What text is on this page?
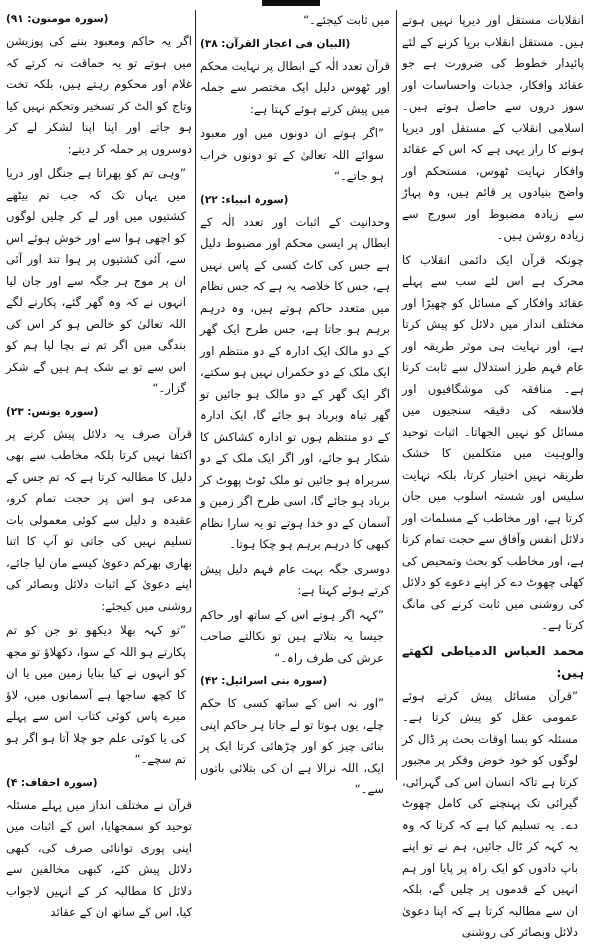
انقلابات مستقل اور دیرپا نہیں ہوتے ہیں۔ مستقل انقلاب برپا کرنے کے لئے پائیدار خطوط کی ضرورت ہے جو عقائد وافکار، جذبات واحساسات اور سوز دروں سے حاصل ہوتے ہیں۔ اسلامی انقلاب کے مستقل اور دیرپا ہونے کا راز یہی ہے کہ اس کے عقائد وافکار نہایت ٹھوس، مستحکم اور واضح بنیادوں پر قائم ہیں، وہ پہاڑ سے زیادہ مضبوط اور سورج سے زیادہ روشن ہیں۔

چونکہ قرآن ایک دائمی انقلاب کا محرک ہے اس لئے سب سے پہلے عقائد وافکار کے مسائل کو چھیڑا اور مختلف انداز میں دلائل کو پیش کرتا ہے، اور نہایت ہی موثر طریقہ اور عام فہم طرز استدلال سے ثابت کرتا ہے۔ منافقہ کی موشگافیوں اور فلاسفہ کی دقیقہ سنجیوں میں مسائل کو نہیں الجھاتا۔ اثبات توحید والوہیت میں متکلمین کا خشک طریقہ نہیں اختیار کرتا، بلکہ نہایت سلیس اور شستہ اسلوب میں جان کرتا ہے، اور مخاطب کے مسلمات اور دلائل انفس وآفاق سے حجت تمام کرتا ہے، اور مخاطب کو بحث وتمحیص کی کھلی چھوٹ دے کر اپنے دعوے کو دلائل کی روشنی میں ثابت کرنے کی مانگ کرتا ہے۔

محمد العباس الدمیاطی لکھتے ہیں:

”قرآن مسائل پیش کرتے ہوئے عمومی عقل کو پیش کرتا ہے۔ مسئلہ کو بسا اوقات بحث پر ڈال کر لوگوں کو خود خوض وفکر پر مجبور کرتا ہے تاکہ انسان اس کی گہرائی، گیرائی تک پہنچنے کی کامل چھوٹ دے۔ یہ تسلیم کیا ہے کہ کرتا کہ وہ یہ کہہ کر ٹال جائیں، ہم نے تو اپنے باپ دادوں کو ایک راہ پر پایا اور ہم انہیں کے قدموں پر چلیں گے، بلکہ ان سے مطالبہ کرتا ہے کہ اپنا دعویٰ دلائل وبصائر کی روشنی

میں ثابت کیجئے۔“

(البیان فی اعجاز القرآن: ۳۸)

قرآن تعدد الٰہ کے ابطال پر نہایت محکم اور ٹھوس دلیل ایک مختصر سے جملہ میں پیش کرتے ہوئے کہتا ہے:

”اگر ہوتے ان دونوں میں اور معبود سوائے اللہ تعالیٰ کے تو دونوں خراب ہو جاتے۔“

(سورہ انبیاء: ۲۲)

وحدانیت کے اثبات اور تعدد الٰہ کے ابطال پر ایسی محکم اور مضبوط دلیل ہے جس کی کاٹ کسی کے پاس نہیں ہے، جس کا خلاصہ یہ ہے کہ جس نظام میں متعدد حاکم ہوتے ہیں، وہ درہم برہم ہو جاتا ہے، جس طرح ایک گھر کے دو مالک ایک ادارہ کے دو منتظم اور ایک ملک کے دو حکمراں نہیں ہو سکتے، اگر ایک گھر کے دو مالک ہو جائیں تو گھر تباہ وبرباد ہو جائے گا، ایک ادارہ کے دو منتظم ہوں تو ادارہ کشاکش کا شکار ہو جائے، اور اگر ایک ملک کے دو سربراہ ہو جائیں تو ملک ٹوٹ پھوٹ کر برباد ہو جائے گا، اسی طرح اگر زمین و آسمان کے دو خدا ہوتے تو یہ سارا نظام کبھی کا درہم برہم ہو چکا ہوتا۔

دوسری جگہ بہت عام فہم دلیل پیش کرتے ہوئے کہتا ہے:

”کہہ اگر ہوتے اس کے ساتھ اور حاکم جیسا یہ بتلاتے ہیں تو نکالتے صاحب عرش کی طرف راہ۔“

(سورہ بنی اسرائیل: ۴۲)

”اور نہ اس کے ساتھ کسی کا حکم چلے، یوں ہوتا تو لے جاتا ہر حاکم اپنی بنائی چیز کو اور چڑھائی کرتا ایک پر ایک، اللہ نرالا ہے ان کی بتلائی باتوں سے۔“

(سورہ مومنون: ۹۱)

اگر یہ حاکم ومعبود بننے کی پوزیشن میں ہوتے تو یہ حماقت نہ کرتے کہ غلام اور محکوم رہتے ہیں، بلکہ تخت وتاج کو الٹ کر تسخیر وتحکم نہیں کیا ہو جاتے اور اپنا اپنا لشکر لے کر دوسروں پر حملہ کر دیتے:

”وہی تم کو پھراتا ہے جنگل اور دریا میں یہاں تک کہ جب تم بیٹھے کشتیوں میں اور لے کر چلیں لوگوں کو اچھی ہوا سے اور خوش ہوئے اس سے، آئی کشتیوں پر ہوا تند اور آئی ان پر موج ہر جگہ سے اور جان لیا انہوں نے کہ وہ گھر گئے، پکارنے لگے اللہ تعالیٰ کو خالص ہو کر اس کی بندگی میں اگر تم نے بچا لیا ہم کو اس سے تو بے شک ہم ہیں گے شکر گزار۔“

(سورہ یونس: ۲۳)

قرآن صرف یہ دلائل پیش کرنے پر اکتفا نہیں کرتا بلکہ مخاطب سے بھی دلیل کا مطالبہ کرتا ہے کہ تم جس کے مدعی ہو اس پر حجت تمام کرو، عقیدہ و دلیل سے کوئی معمولی بات تسلیم نہیں کی جاتی تو آپ کا اتنا بھاری بھرکم دعویٰ کیسے مان لیا جائے، اپنے دعویٰ کے اثبات دلائل وبصائر کی روشنی میں کیجئے:

”تو کہہ بھلا دیکھو تو جن کو تم پکارتے ہو اللہ کے سوا، دکھلاؤ تو مجھ کو انہوں نے کیا بنایا زمین میں یا ان کا کچھ ساجھا ہے آسمانوں میں، لاؤ میرے پاس کوئی کتاب اس سے پہلے کی یا کوئی علم جو چلا آتا ہو اگر ہو تم سچے۔“

(سورہ احقاف: ۴)

قرآن نے مختلف انداز میں پہلے مسئلہ توحید کو سمجھایا، اس کے اثبات میں اپنی پوری توانائی صرف کی، کبھی دلائل پیش کئے، کبھی مخالفین سے دلائل کا مطالبہ کر کے انہیں لاجواب کیا، اس کے ساتھ ان کے عقائد
